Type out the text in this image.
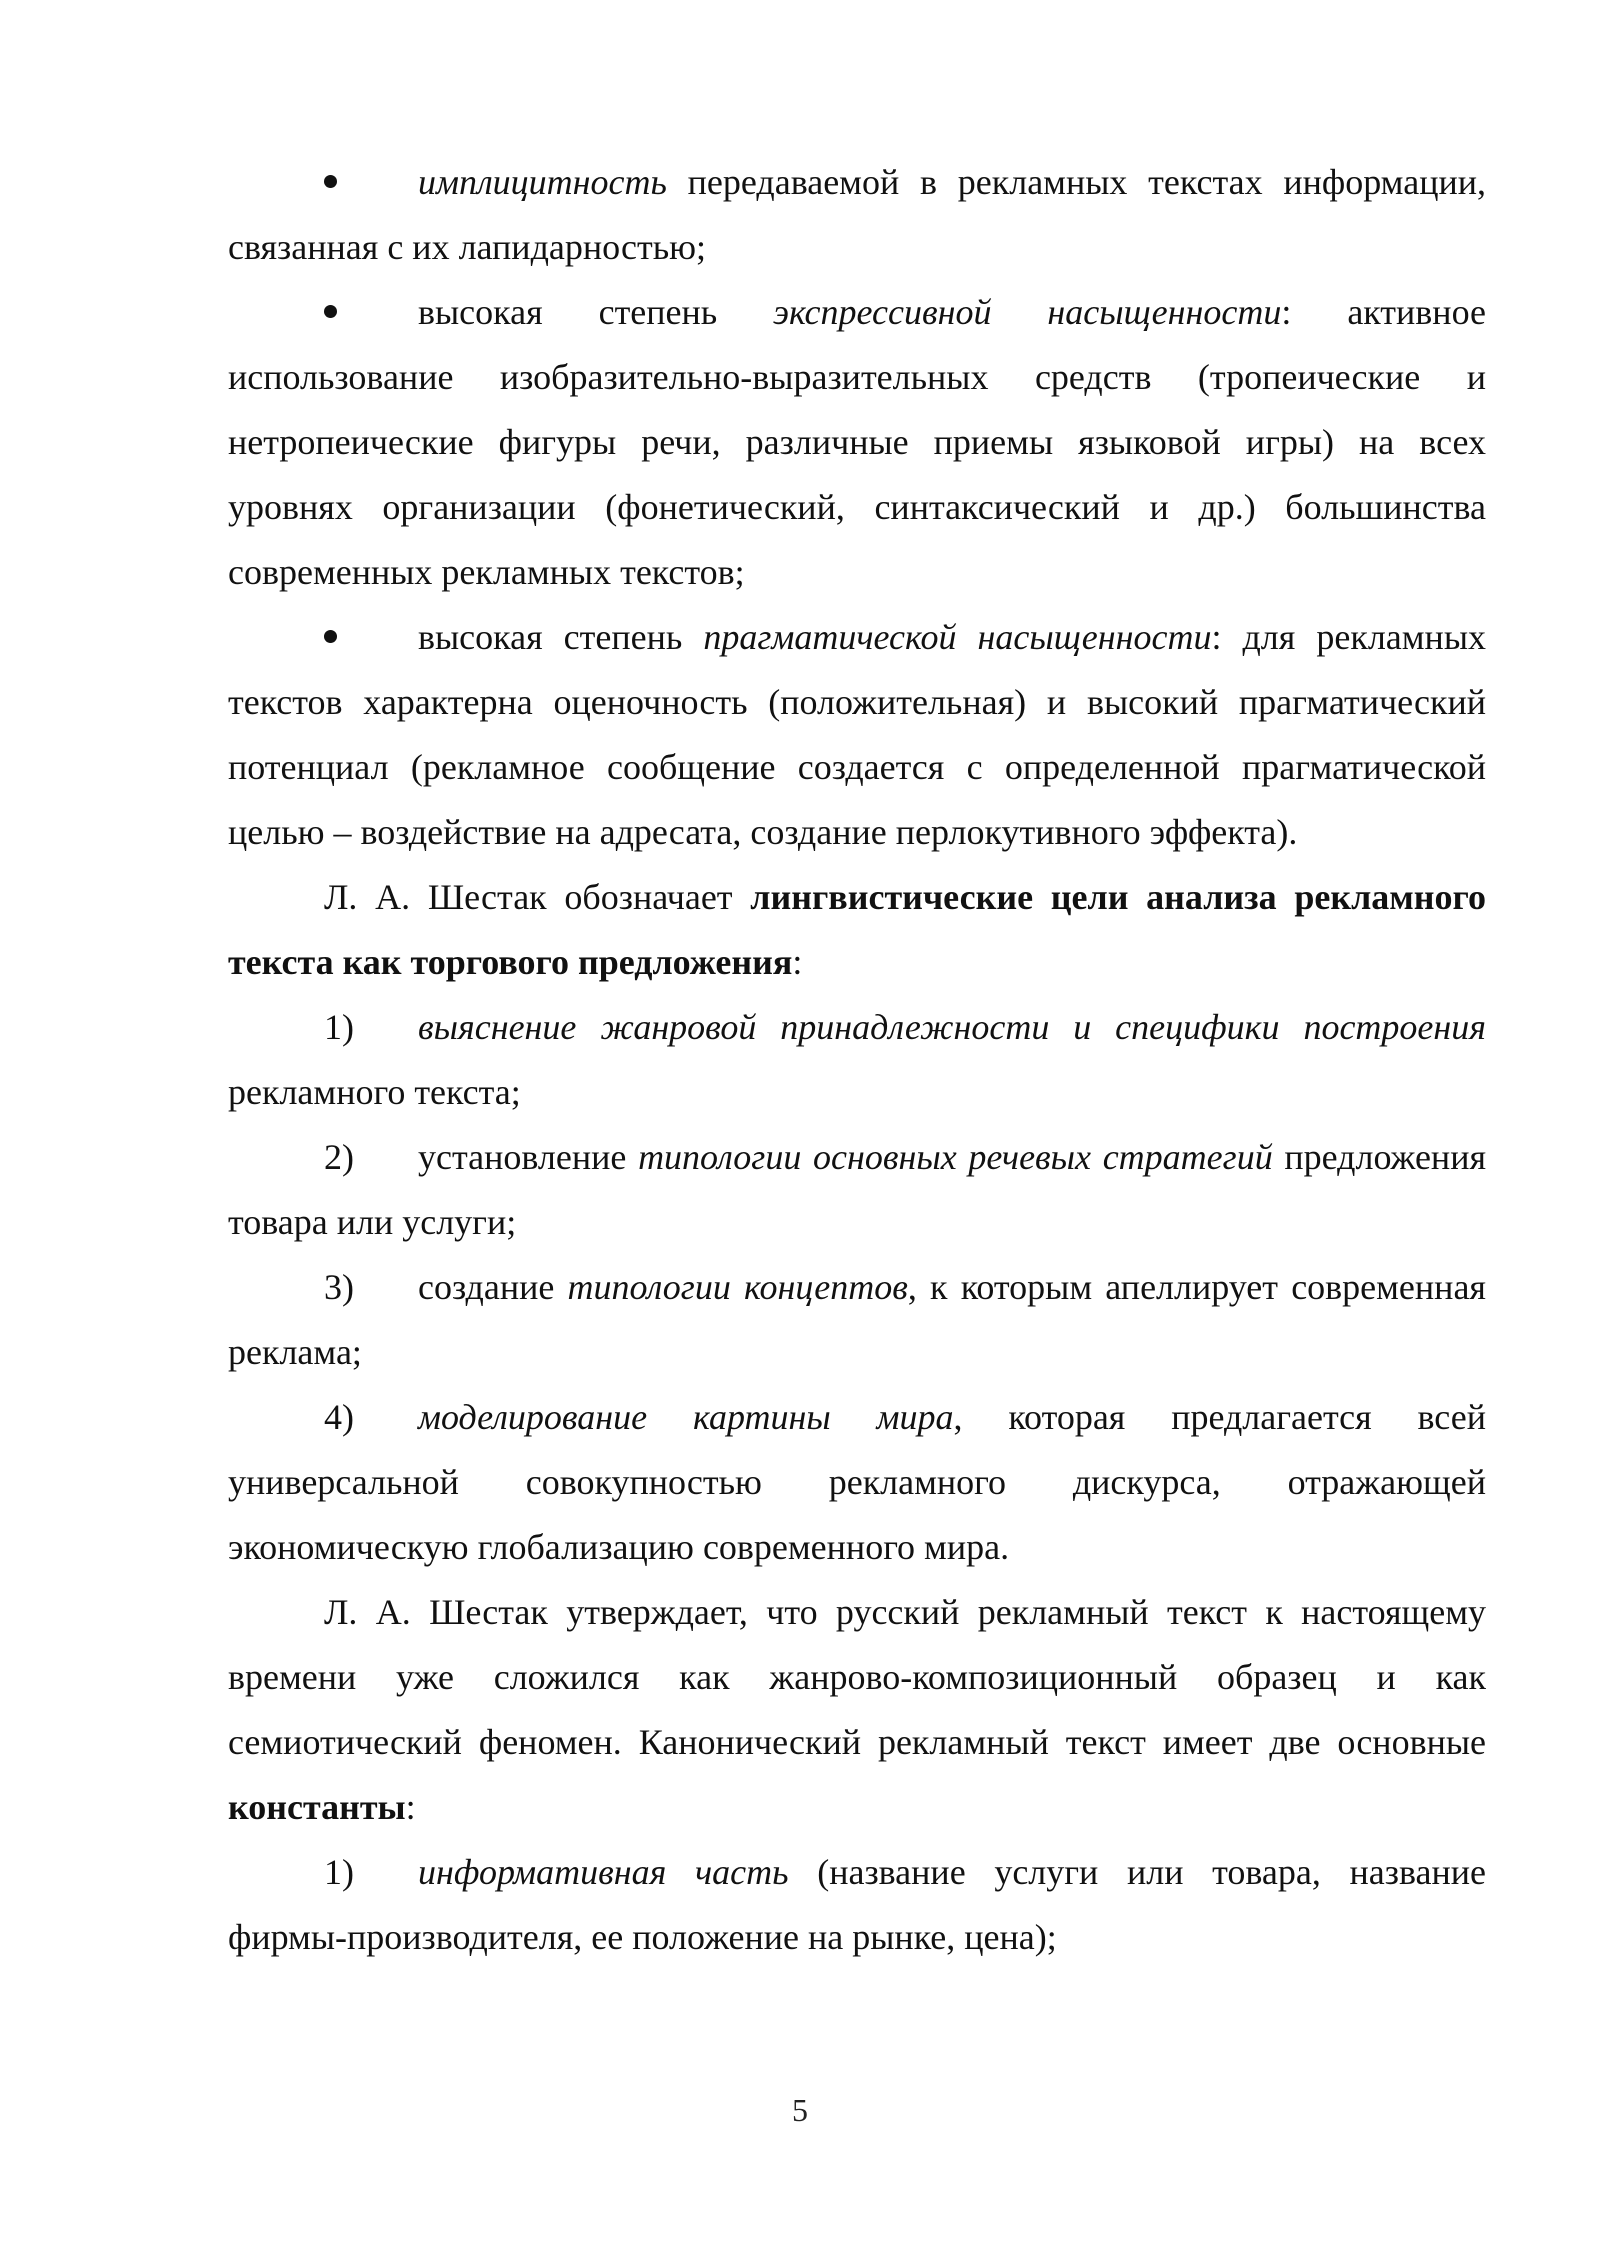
имплицитность передаваемой в рекламных текстах информации, связанная с их лапидарностью;

высокая степень экспрессивной насыщенности: активное использование изобразительно-выразительных средств (тропеические и нетропеические фигуры речи, различные приемы языковой игры) на всех уровнях организации (фонетический, синтаксический и др.) большинства современных рекламных текстов;

высокая степень прагматической насыщенности: для рекламных текстов характерна оценочность (положительная) и высокий прагматический потенциал (рекламное сообщение создается с определенной прагматической целью – воздействие на адресата, создание перлокутивного эффекта).

Л. А. Шестак обозначает лингвистические цели анализа рекламного текста как торгового предложения:

1) выяснение жанровой принадлежности и специфики построения рекламного текста;

2) установление типологии основных речевых стратегий предложения товара или услуги;

3) создание типологии концептов, к которым апеллирует современная реклама;

4) моделирование картины мира, которая предлагается всей универсальной совокупностью рекламного дискурса, отражающей экономическую глобализацию современного мира.

Л. А. Шестак утверждает, что русский рекламный текст к настоящему времени уже сложился как жанрово-композиционный образец и как семиотический феномен. Канонический рекламный текст имеет две основные константы:

1) информативная часть (название услуги или товара, название фирмы-производителя, ее положение на рынке, цена);

5
